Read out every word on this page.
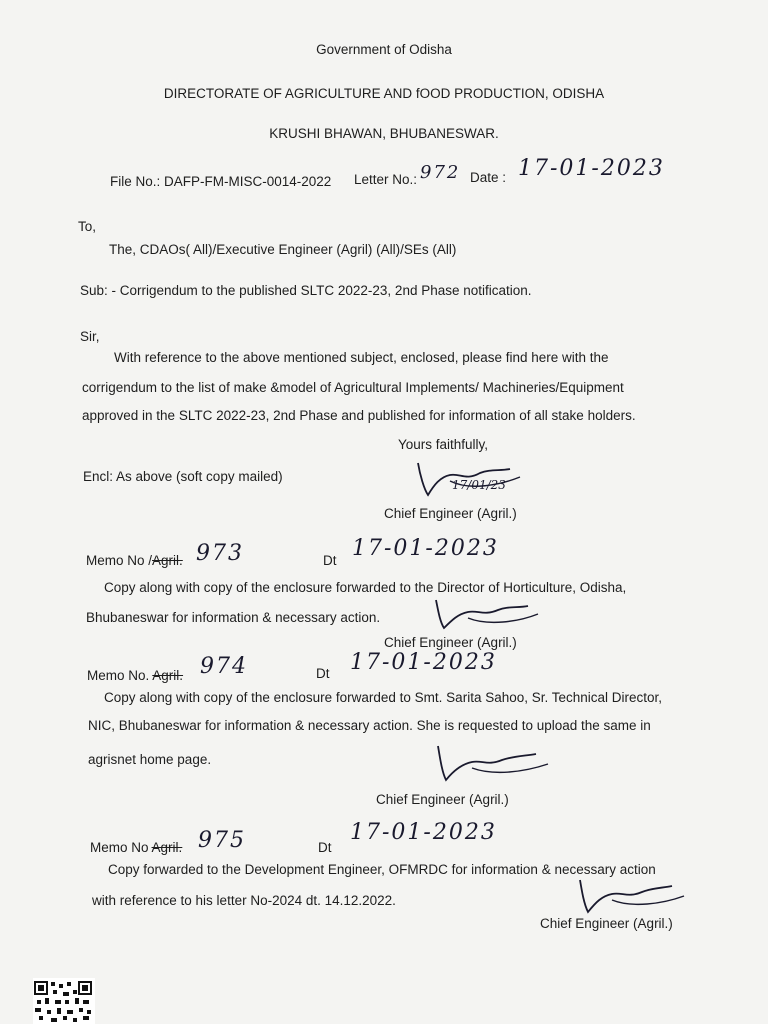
Government of Odisha
DIRECTORATE OF AGRICULTURE AND fOOD PRODUCTION, ODISHA
KRUSHI BHAWAN, BHUBANESWAR.
File No.: DAFP-FM-MISC-0014-2022 Letter No.: 972 Date : 17-01-2023
To,
The, CDAOs( All)/Executive Engineer (Agril) (All)/SEs (All)
Sub: - Corrigendum to the published SLTC 2022-23, 2nd Phase notification.
Sir,
With reference to the above mentioned subject, enclosed, please find here with the
corrigendum to the list of make &model of Agricultural Implements/ Machineries/Equipment
approved in the SLTC 2022-23, 2nd Phase and published for information of all stake holders.
Yours faithfully,
Encl: As above (soft copy mailed)
17/01/23
Chief Engineer (Agril.)
Memo No /Agril. 973	Dt 17-01-2023
Copy along with copy of the enclosure forwarded to the Director of Horticulture, Odisha,
Bhubaneswar for information & necessary action.
Chief Engineer (Agril.)
Memo No. Agril. 974	Dt 17-01-2023
Copy along with copy of the enclosure forwarded to Smt. Sarita Sahoo, Sr. Technical Director,
NIC, Bhubaneswar for information & necessary action. She is requested to upload the same in
agrisnet home page.
Chief Engineer (Agril.)
Memo No Agril. 975	Dt
17-01-2023
Copy forwarded to the Development Engineer, OFMRDC for information & necessary action
with reference to his letter No-2024 dt. 14.12.2022.
Chief Engineer (Agril.)
